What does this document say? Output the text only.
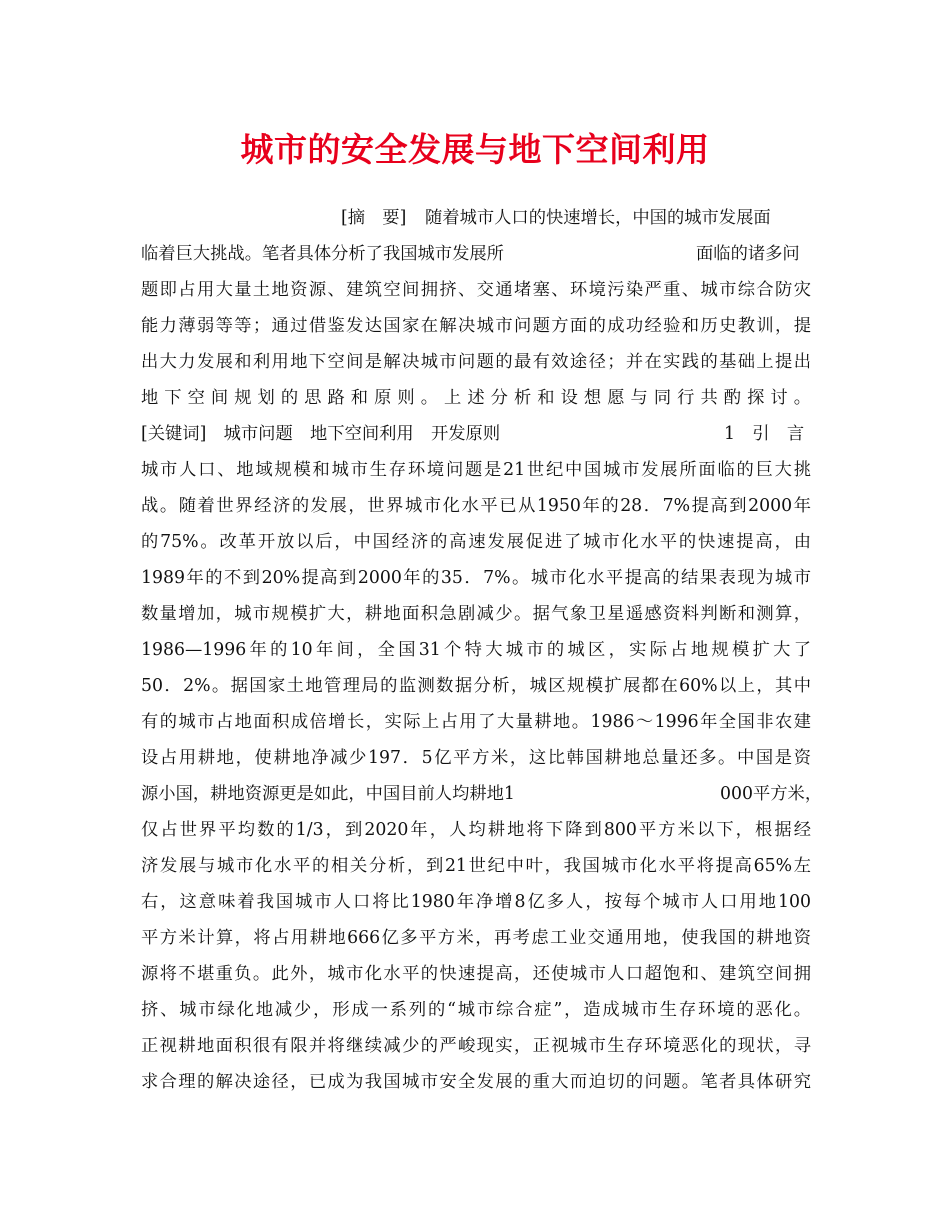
城市的安全发展与地下空间利用
[摘　要] 随着城市人口的快速增长，中国的城市发展面
临着巨大挑战。笔者具体分析了我国城市发展所	面临的诸多问
题即占用大量土地资源、建筑空间拥挤、交通堵塞、环境污染严重、城市综合防灾
能力薄弱等等；通过借鉴发达国家在解决城市问题方面的成功经验和历史教训，提
出大力发展和利用地下空间是解决城市问题的最有效途径；并在实践的基础上提出
地下空间规划的思路和原则。上述分析和设想愿与同行共酌探讨。
[关键词]　城市问题　地下空间利用　开发原则	1　引　言
城市人口、地域规模和城市生存环境问题是21世纪中国城市发展所面临的巨大挑
战。随着世界经济的发展，世界城市化水平已从1950年的28．7%提高到2000年
的75%。改革开放以后，中国经济的高速发展促进了城市化水平的快速提高，由
1989年的不到20%提高到2000年的35．7%。城市化水平提高的结果表现为城市
数量增加，城市规模扩大，耕地面积急剧减少。据气象卫星遥感资料判断和测算，
1986—1996年的10年间，全国31个特大城市的城区，实际占地规模扩大了
50．2%。据国家土地管理局的监测数据分析，城区规模扩展都在60%以上，其中
有的城市占地面积成倍增长，实际上占用了大量耕地。1986～1996年全国非农建
设占用耕地，使耕地净减少197．5亿平方米，这比韩国耕地总量还多。中国是资
源小国，耕地资源更是如此，中国目前人均耕地1	000平方米，
仅占世界平均数的1/3，到2020年，人均耕地将下降到800平方米以下，根据经
济发展与城市化水平的相关分析，到21世纪中叶，我国城市化水平将提高65%左
右，这意味着我国城市人口将比1980年净增8亿多人，按每个城市人口用地100
平方米计算，将占用耕地666亿多平方米，再考虑工业交通用地，使我国的耕地资
源将不堪重负。此外，城市化水平的快速提高，还使城市人口超饱和、建筑空间拥
挤、城市绿化地减少，形成一系列的“城市综合症”，造成城市生存环境的恶化。
正视耕地面积很有限并将继续减少的严峻现实，正视城市生存环境恶化的现状，寻
求合理的解决途径，已成为我国城市安全发展的重大而迫切的问题。笔者具体研究
